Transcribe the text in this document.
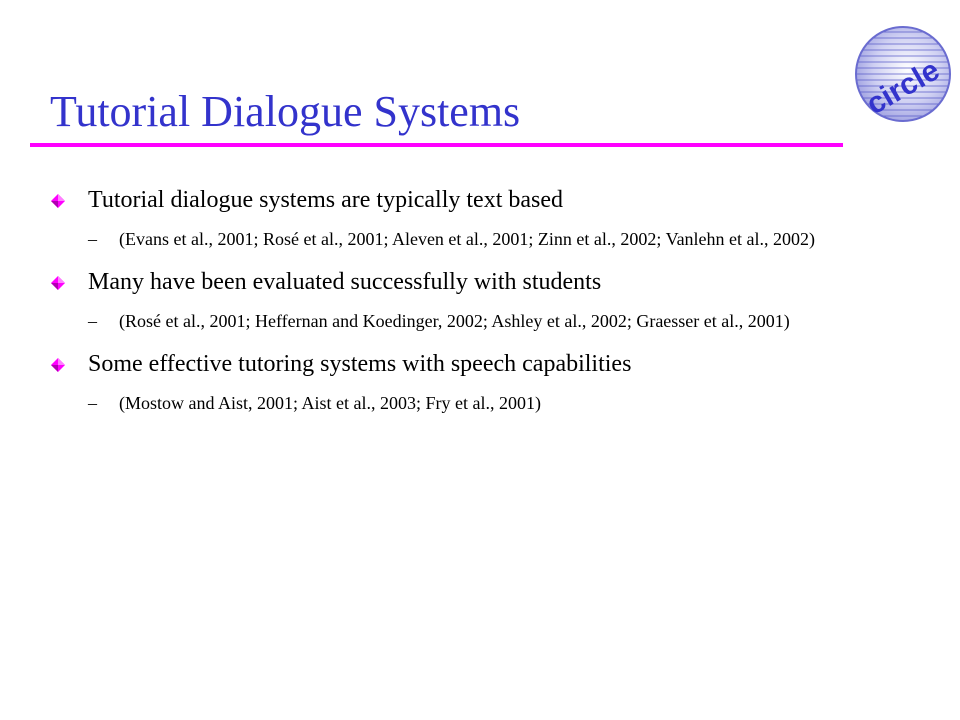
Tutorial Dialogue Systems	circle
Tutorial dialogue systems are typically text based
– (Evans et al., 2001; Rosé et al., 2001; Aleven et al., 2001; Zinn et al., 2002; Vanlehn et al., 2002)
Many have been evaluated successfully with students
– (Rosé et al., 2001; Heffernan and Koedinger, 2002; Ashley et al., 2002; Graesser et al., 2001)
Some effective tutoring systems with speech capabilities
– (Mostow and Aist, 2001; Aist et al., 2003; Fry et al., 2001)
